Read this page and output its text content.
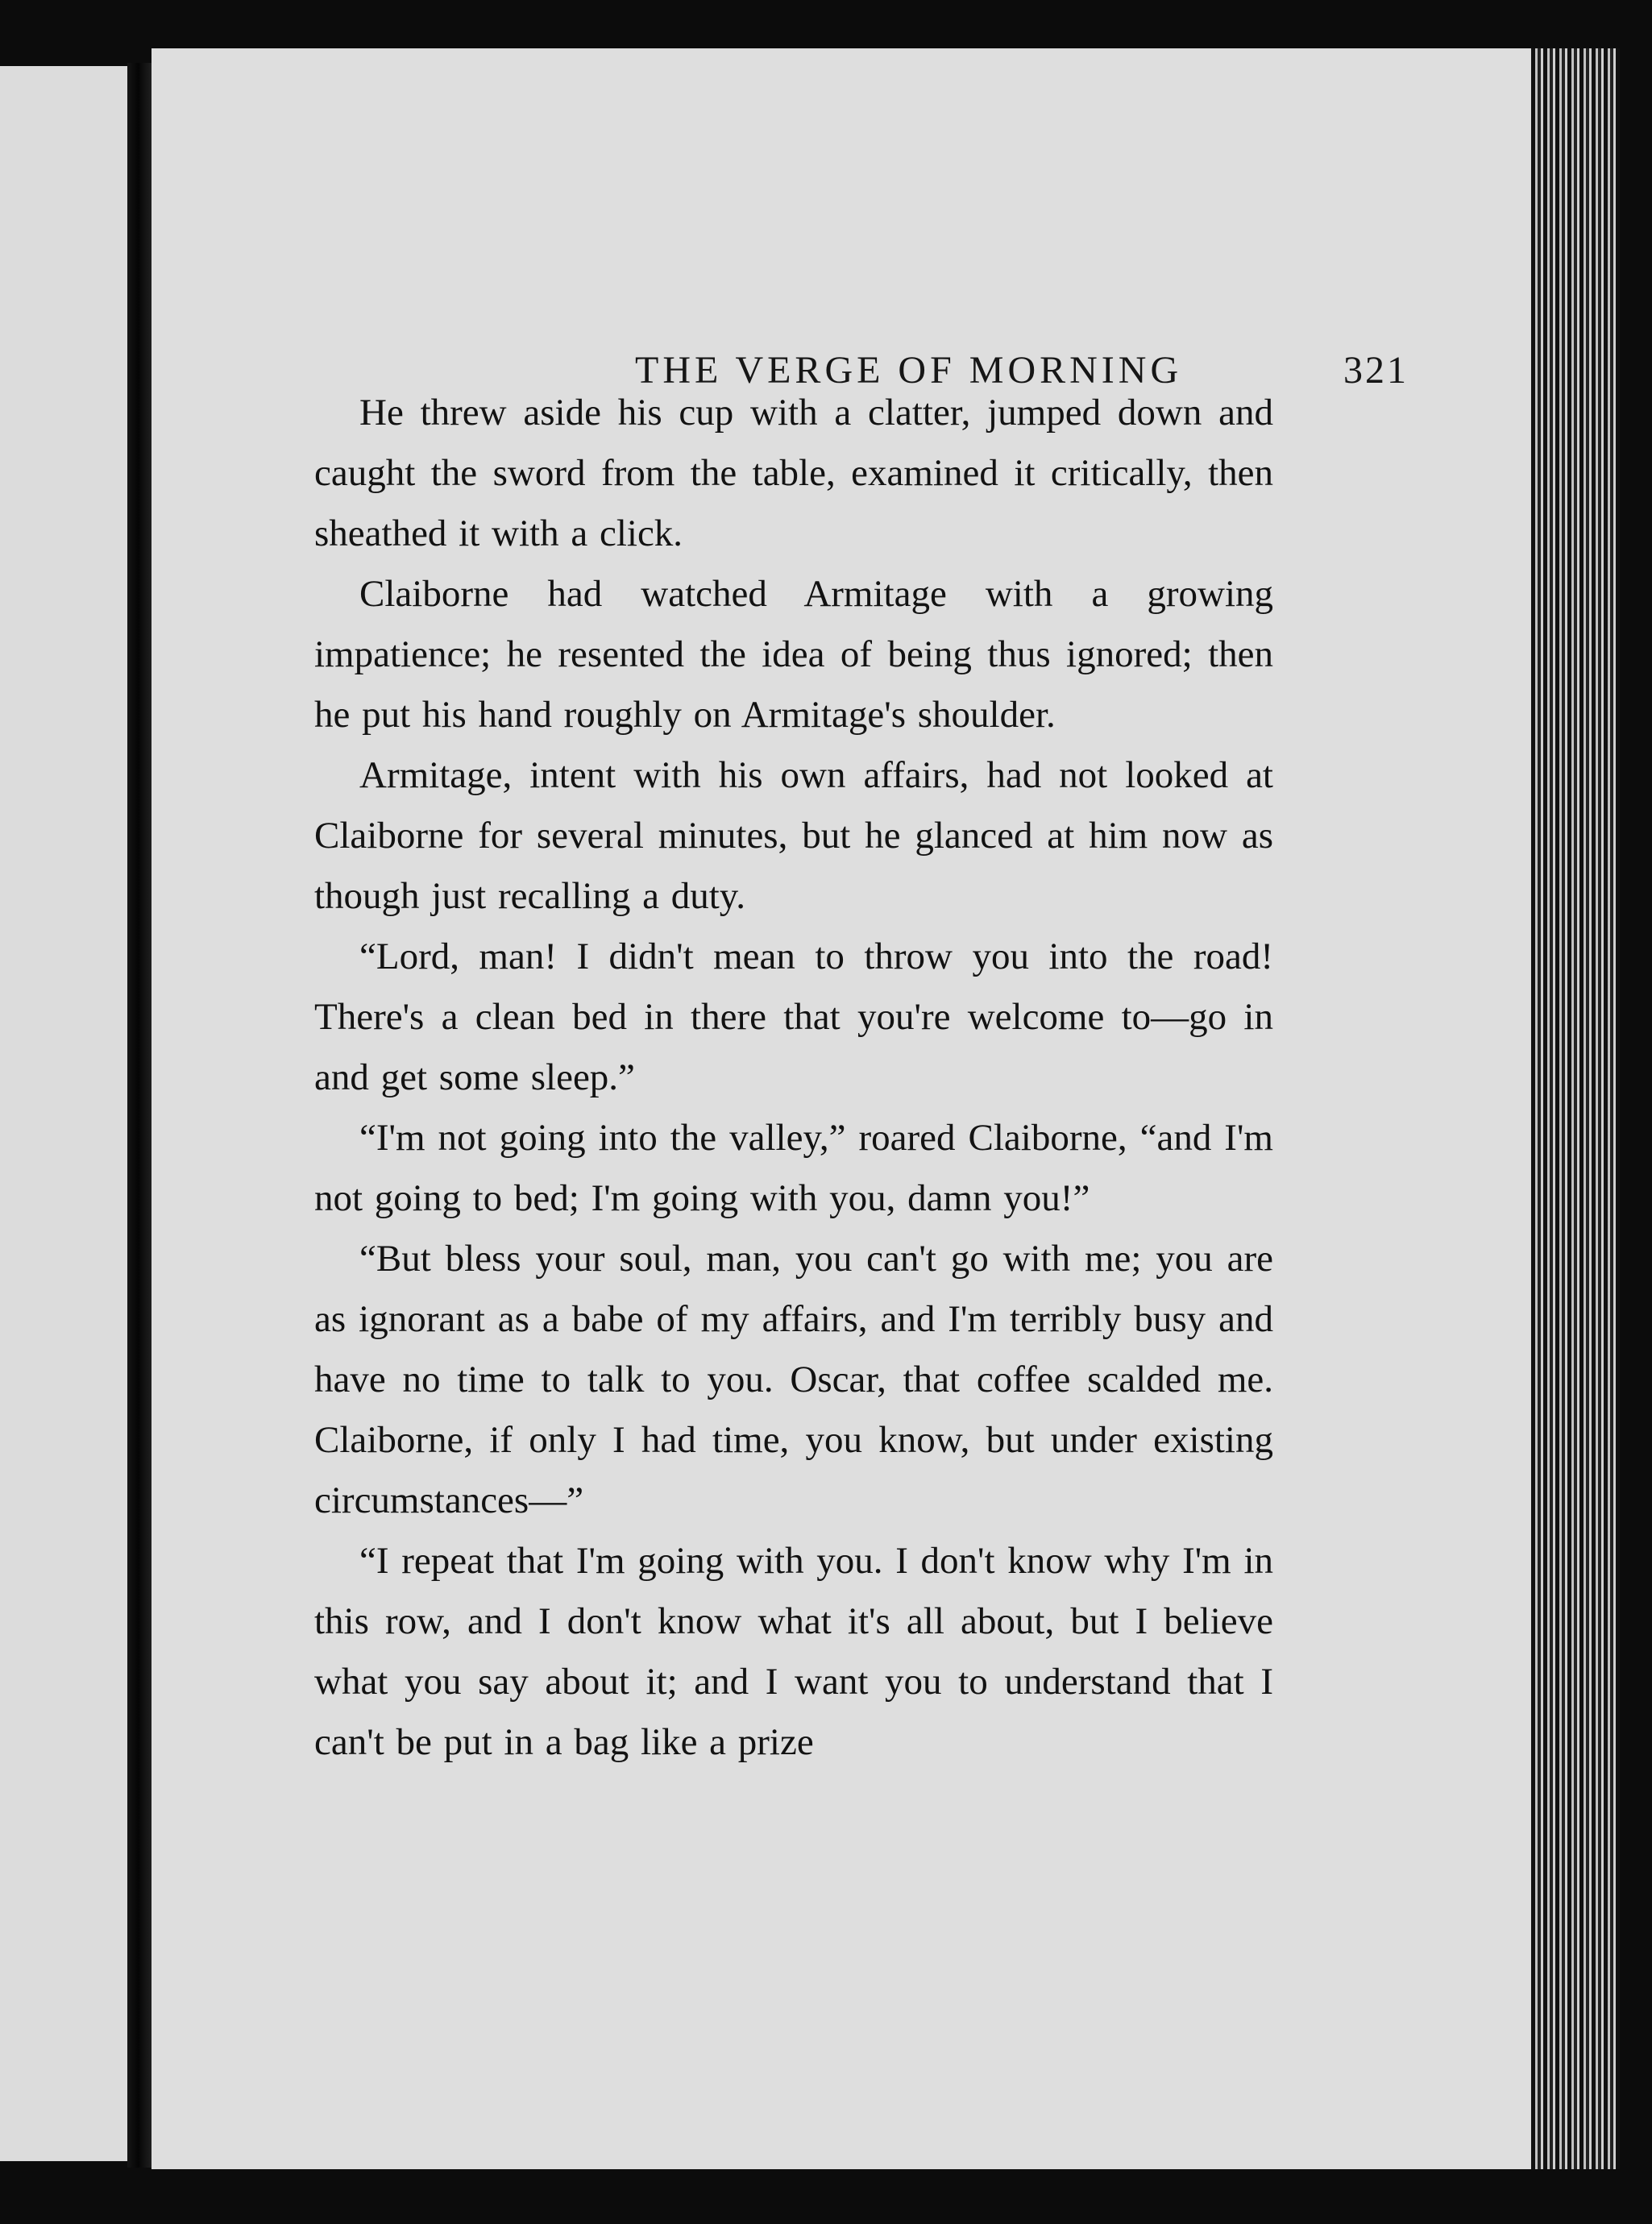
THE VERGE OF MORNING	321

He threw aside his cup with a clatter, jumped down and caught the sword from the table, examined it critically, then sheathed it with a click.

Claiborne had watched Armitage with a growing impatience; he resented the idea of being thus ignored; then he put his hand roughly on Armitage's shoulder.

Armitage, intent with his own affairs, had not looked at Claiborne for several minutes, but he glanced at him now as though just recalling a duty.

“Lord, man! I didn't mean to throw you into the road! There's a clean bed in there that you're welcome to—go in and get some sleep.”

“I'm not going into the valley,” roared Claiborne, “and I'm not going to bed; I'm going with you, damn you!”

“But bless your soul, man, you can't go with me; you are as ignorant as a babe of my affairs, and I'm terribly busy and have no time to talk to you. Oscar, that coffee scalded me. Claiborne, if only I had time, you know, but under existing circumstances—”

“I repeat that I'm going with you. I don't know why I'm in this row, and I don't know what it's all about, but I believe what you say about it; and I want you to understand that I can't be put in a bag like a prize
